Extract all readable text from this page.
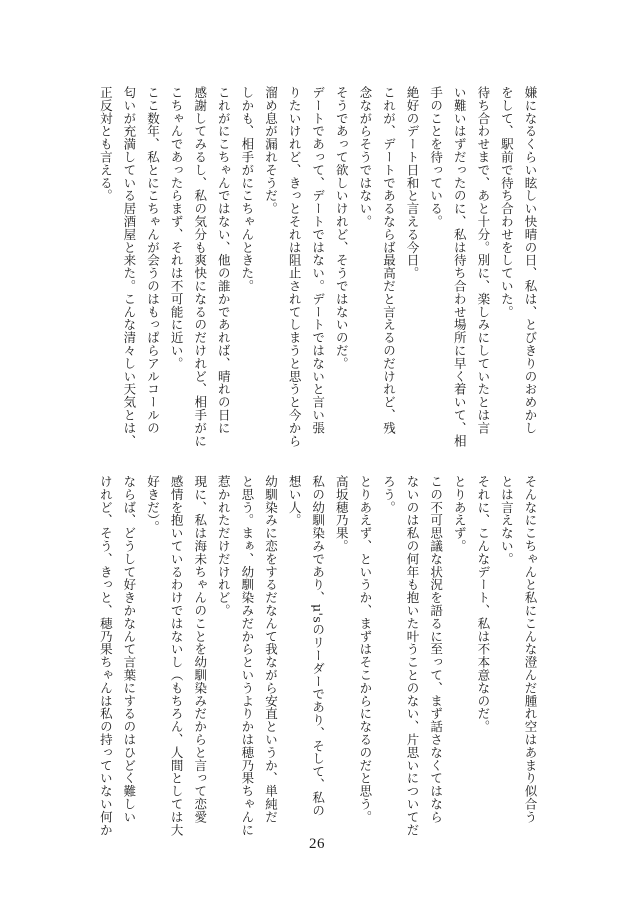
嫌になるくらい眩しい快晴の日、私は、とびきりのおめかし
をして、駅前で待ち合わせをしていた。
待ち合わせまで、あと十分。別に、楽しみにしていたとは言
い難いはずだったのに、私は待ち合わせ場所に早く着いて、相
手のことを待っている。
絶好のデート日和と言える今日。
これが、デートであるならば最高だと言えるのだけれど、残
念ながらそうではない。
そうであって欲しいけれど、そうではないのだ。
デートであって、デートではない。デートではないと言い張
りたいけれど、きっとそれは阻止されてしまうと思うと今から
溜め息が漏れそうだ。
しかも、相手がにこちゃんときた。
これがにこちゃんではない、他の誰かであれば、晴れの日に
感謝してみるし、私の気分も爽快になるのだけれど、相手がに
こちゃんであったらまず、それは不可能に近い。
ここ数年、私とにこちゃんが会うのはもっぱらアルコールの
匂いが充満している居酒屋と来た。こんな清々しい天気とは、
正反対とも言える。
そんなにこちゃんと私にこんな澄んだ腫れ空はあまり似合う
とは言えない。
それに、こんなデート、私は不本意なのだ。
とりあえず。
この不可思議な状況を語るに至って、まず話さなくてはなら
ないのは私の何年も抱いた叶うことのない、片思いについてだ
ろう。
とりあえず、というか、まずはそこからになるのだと思う。
高坂穂乃果。
私の幼馴染みであり、μ'sのリーダーであり、そして、私の
想い人。
幼馴染みに恋をするだなんて我ながら安直というか、単純だ
と思う。まぁ、幼馴染みだからというよりかは穂乃果ちゃんに
惹かれただけだけれど。
現に、私は海未ちゃんのことを幼馴染みだからと言って恋愛
感情を抱いているわけではないし（もちろん、人間としては大
好きだ）。
ならば、どうして好きかなんて言葉にするのはひどく難しい
けれど、そう、きっと、穂乃果ちゃんは私の持っていない何か
26
